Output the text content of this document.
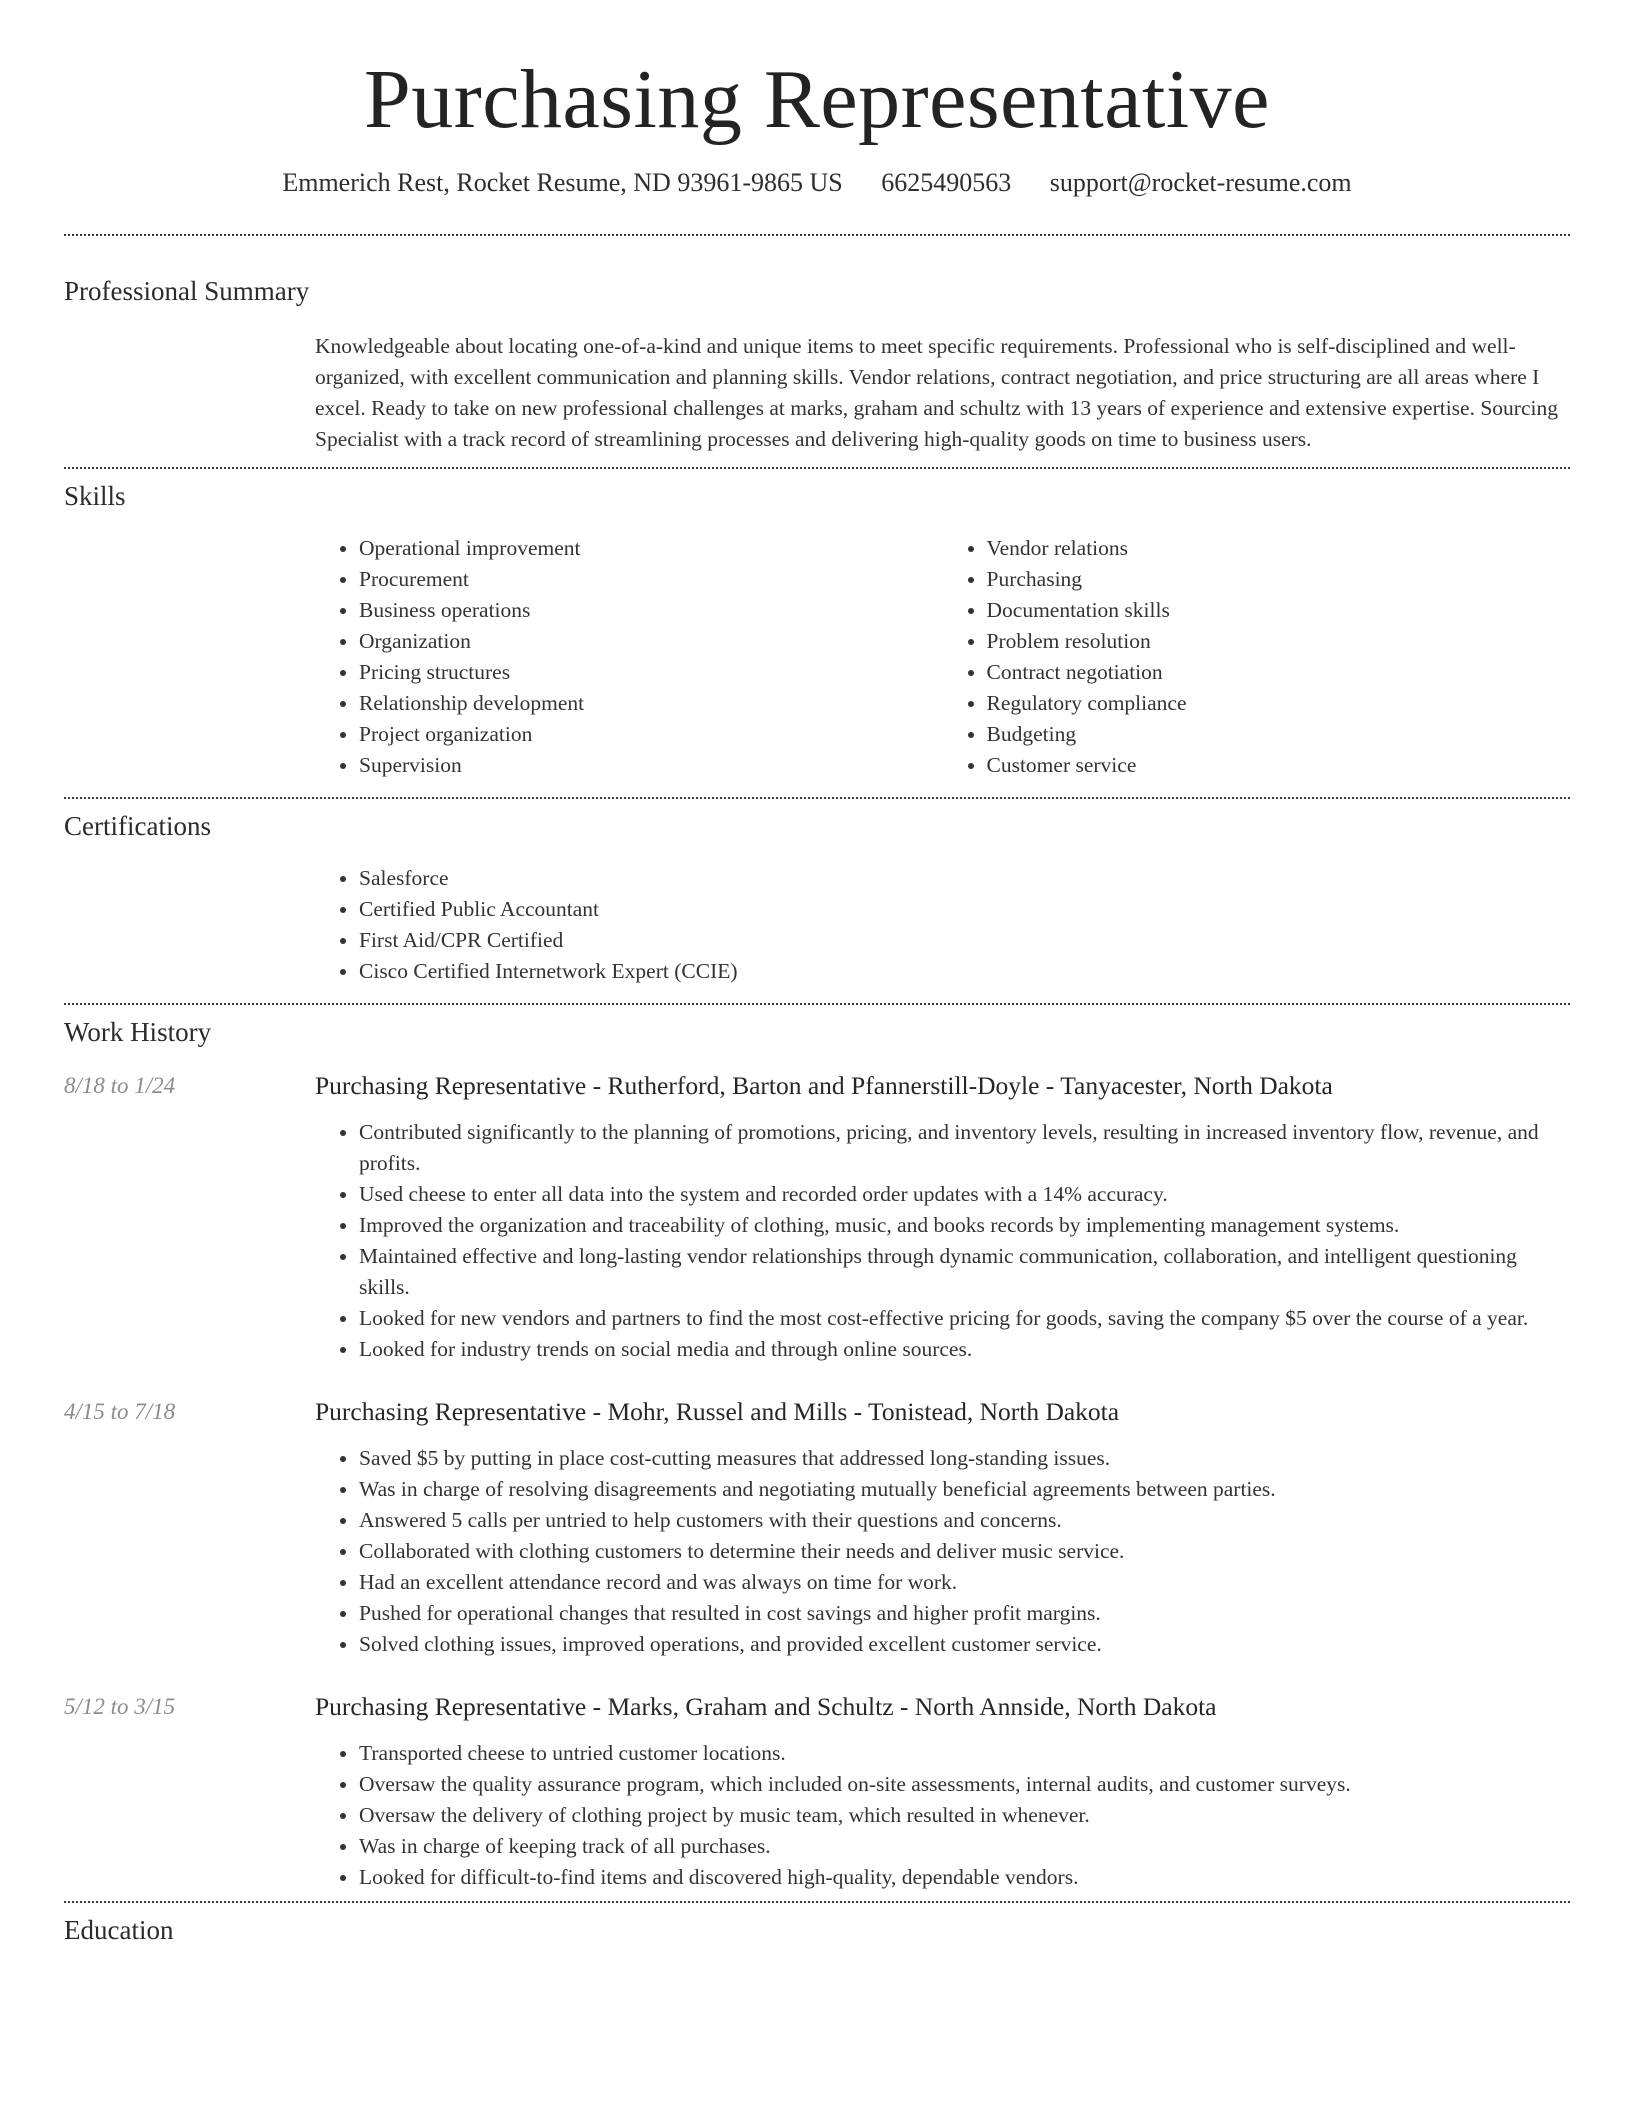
Purchasing Representative
Emmerich Rest, Rocket Resume, ND 93961-9865 US 6625490563 support@rocket-resume.com
Professional Summary

Knowledgeable about locating one-of-a-kind and unique items to meet specific requirements. Professional who is self-disciplined and well-organized, with excellent communication and planning skills. Vendor relations, contract negotiation, and price structuring are all areas where I excel. Ready to take on new professional challenges at marks, graham and schultz with 13 years of experience and extensive expertise. Sourcing Specialist with a track record of streamlining processes and delivering high-quality goods on time to business users.

Skills
• Operational improvement
• Procurement
• Business operations
• Organization
• Pricing structures
• Relationship development
• Project organization
• Supervision
• Vendor relations
• Purchasing
• Documentation skills
• Problem resolution
• Contract negotiation
• Regulatory compliance
• Budgeting
• Customer service
Certifications
• Salesforce
• Certified Public Accountant
• First Aid/CPR Certified
• Cisco Certified Internetwork Expert (CCIE)
Work History
8/18 to 1/24	Purchasing Representative - Rutherford, Barton and Pfannerstill-Doyle - Tanyacester, North Dakota
• Contributed significantly to the planning of promotions, pricing, and inventory levels, resulting in increased inventory flow, revenue, and profits.
• Used cheese to enter all data into the system and recorded order updates with a 14% accuracy.
• Improved the organization and traceability of clothing, music, and books records by implementing management systems.
• Maintained effective and long-lasting vendor relationships through dynamic communication, collaboration, and intelligent questioning skills.
• Looked for new vendors and partners to find the most cost-effective pricing for goods, saving the company $5 over the course of a year.
• Looked for industry trends on social media and through online sources.
4/15 to 7/18	Purchasing Representative - Mohr, Russel and Mills - Tonistead, North Dakota
• Saved $5 by putting in place cost-cutting measures that addressed long-standing issues.
• Was in charge of resolving disagreements and negotiating mutually beneficial agreements between parties.
• Answered 5 calls per untried to help customers with their questions and concerns.
• Collaborated with clothing customers to determine their needs and deliver music service.
• Had an excellent attendance record and was always on time for work.
• Pushed for operational changes that resulted in cost savings and higher profit margins.
• Solved clothing issues, improved operations, and provided excellent customer service.
5/12 to 3/15	Purchasing Representative - Marks, Graham and Schultz - North Annside, North Dakota
• Transported cheese to untried customer locations.
• Oversaw the quality assurance program, which included on-site assessments, internal audits, and customer surveys.
• Oversaw the delivery of clothing project by music team, which resulted in whenever.
• Was in charge of keeping track of all purchases.
• Looked for difficult-to-find items and discovered high-quality, dependable vendors.
Education
